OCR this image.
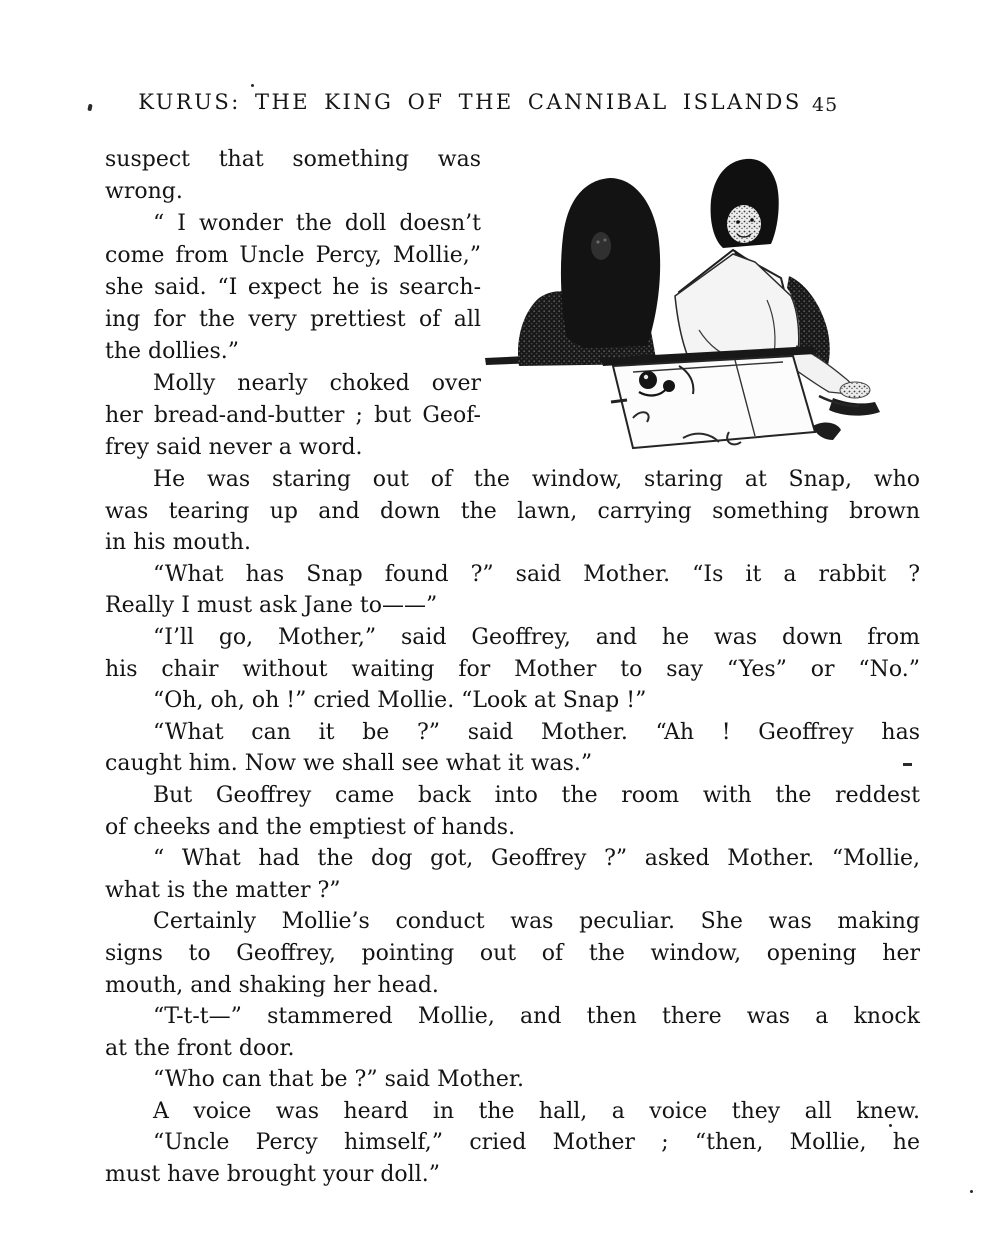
KURUS: THE KING OF THE CANNIBAL ISLANDS 45
suspect that something was
wrong.
“ I wonder the doll doesn’t
come from Uncle Percy, Mollie,”
she said. “I expect he is search-
ing for the very prettiest of all
the dollies.”
Molly nearly choked over
her bread-and-butter ; but Geof-
frey said never a word.
He was staring out of the window, staring at Snap, who
was tearing up and down the lawn, carrying something brown
in his mouth.
“What has Snap found ?” said Mother. “Is it a rabbit ?
Really I must ask Jane to——”
“I’ll go, Mother,” said Geoffrey, and he was down from
his chair without waiting for Mother to say “Yes” or “No.”
“Oh, oh, oh !” cried Mollie. “Look at Snap !”
“What can it be ?” said Mother. “Ah ! Geoffrey has
caught him. Now we shall see what it was.”
But Geoffrey came back into the room with the reddest
of cheeks and the emptiest of hands.
“ What had the dog got, Geoffrey ?” asked Mother. “Mollie,
what is the matter ?”
Certainly Mollie’s conduct was peculiar. She was making
signs to Geoffrey, pointing out of the window, opening her
mouth, and shaking her head.
“T-t-t—” stammered Mollie, and then there was a knock
at the front door.
“Who can that be ?” said Mother.
A voice was heard in the hall, a voice they all knew.
“Uncle Percy himself,” cried Mother ; “then, Mollie, he
must have brought your doll.”
